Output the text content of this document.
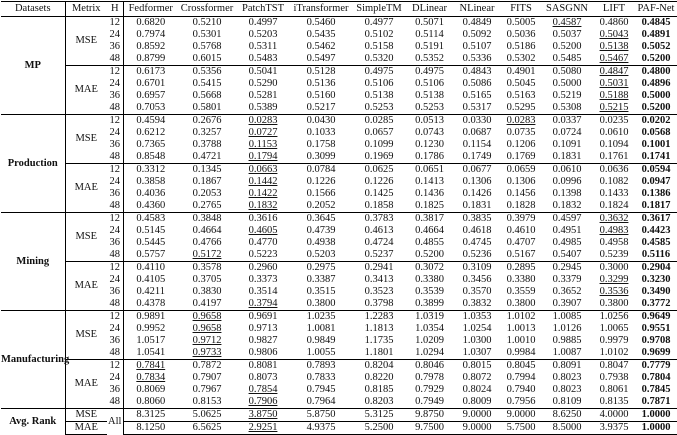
Datasets	Metrix	H	Fedformer	Crossformer	PatchTST	iTransformer	SimpleTM	DLinear	NLinear	FITS	SASGNN	LIFT	PAF-Net
MP	MSE	12	0.6820	0.5210	0.4997	0.5460	0.4977	0.5071	0.4849	0.5005	0.4587	0.4860	0.4845
		24	0.7974	0.5301	0.5203	0.5435	0.5102	0.5114	0.5092	0.5036	0.5037	0.5043	0.4891
		36	0.8592	0.5768	0.5311	0.5462	0.5158	0.5191	0.5107	0.5186	0.5200	0.5138	0.5052
		48	0.8799	0.6015	0.5483	0.5497	0.5320	0.5352	0.5336	0.5302	0.5485	0.5467	0.5200
	MAE	12	0.6173	0.5356	0.5041	0.5128	0.4975	0.4975	0.4843	0.4901	0.5080	0.4847	0.4800
		24	0.6701	0.5415	0.5290	0.5136	0.5106	0.5106	0.5086	0.5045	0.5000	0.5031	0.4896
		36	0.6957	0.5668	0.5281	0.5160	0.5138	0.5138	0.5165	0.5163	0.5219	0.5188	0.5000
		48	0.7053	0.5801	0.5389	0.5217	0.5253	0.5253	0.5317	0.5295	0.5308	0.5215	0.5200
Production	MSE	12	0.4594	0.2676	0.0283	0.0430	0.0285	0.0513	0.0330	0.0283	0.0337	0.0235	0.0202
		24	0.6212	0.3257	0.0727	0.1033	0.0657	0.0743	0.0687	0.0735	0.0724	0.0610	0.0568
		36	0.7365	0.3788	0.1153	0.1758	0.1099	0.1230	0.1154	0.1206	0.1091	0.1094	0.1001
		48	0.8548	0.4721	0.1794	0.3099	0.1969	0.1786	0.1749	0.1769	0.1831	0.1761	0.1741
	MAE	12	0.3312	0.1345	0.0663	0.0784	0.0625	0.0651	0.0677	0.0659	0.0610	0.0636	0.0594
		24	0.3858	0.1867	0.1442	0.1226	0.1226	0.1413	0.1306	0.1306	0.0996	0.1082	0.0947
		36	0.4036	0.2053	0.1422	0.1566	0.1425	0.1436	0.1426	0.1456	0.1398	0.1433	0.1386
		48	0.4360	0.2765	0.1832	0.2052	0.1858	0.1825	0.1831	0.1828	0.1832	0.1824	0.1817
Mining	MSE	12	0.4583	0.3848	0.3616	0.3645	0.3783	0.3817	0.3835	0.3979	0.4597	0.3632	0.3617
		24	0.5145	0.4664	0.4605	0.4739	0.4613	0.4664	0.4618	0.4610	0.4951	0.4983	0.4423
		36	0.5445	0.4766	0.4770	0.4938	0.4724	0.4855	0.4745	0.4707	0.4985	0.4958	0.4585
		48	0.5757	0.5172	0.5223	0.5203	0.5237	0.5200	0.5236	0.5167	0.5407	0.5239	0.5116
	MAE	12	0.4110	0.3578	0.2960	0.2975	0.2941	0.3072	0.3109	0.2895	0.2945	0.3000	0.2904
		24	0.4105	0.3705	0.3373	0.3387	0.3413	0.3380	0.3456	0.3380	0.3379	0.3299	0.3230
		36	0.4211	0.3830	0.3514	0.3515	0.3523	0.3539	0.3570	0.3559	0.3652	0.3536	0.3490
		48	0.4378	0.4197	0.3794	0.3800	0.3798	0.3899	0.3832	0.3800	0.3907	0.3800	0.3772
Manufacturing	MSE	12	0.9891	0.9658	0.9691	1.0235	1.2283	1.0319	1.0353	1.0102	1.0085	1.0256	0.9649
		24	0.9952	0.9658	0.9713	1.0081	1.1813	1.0354	1.0254	1.0013	1.0126	1.0065	0.9551
		36	1.0517	0.9712	0.9827	0.9849	1.1735	1.0209	1.0300	1.0010	0.9885	0.9979	0.9708
		48	1.0541	0.9733	0.9806	1.0055	1.1801	1.0294	1.0307	0.9984	1.0087	1.0102	0.9699
	MAE	12	0.7841	0.7872	0.8081	0.7893	0.8204	0.8046	0.8015	0.8045	0.8091	0.8047	0.7779
		24	0.7834	0.7907	0.8073	0.7833	0.8220	0.7978	0.8072	0.7994	0.8023	0.7938	0.7804
		36	0.8069	0.7967	0.7854	0.7945	0.8185	0.7929	0.8024	0.7940	0.8023	0.8061	0.7845
		48	0.8060	0.8153	0.7906	0.7964	0.8203	0.7949	0.8009	0.7956	0.8109	0.8135	0.7871
Avg. Rank	MSE	All	8.3125	5.0625	3.8750	5.8750	5.3125	9.8750	9.0000	9.0000	8.6250	4.0000	1.0000
	MAE		8.1250	6.5625	2.9251	4.9375	5.2500	9.7500	9.0000	5.7500	8.5000	3.9375	1.0000
